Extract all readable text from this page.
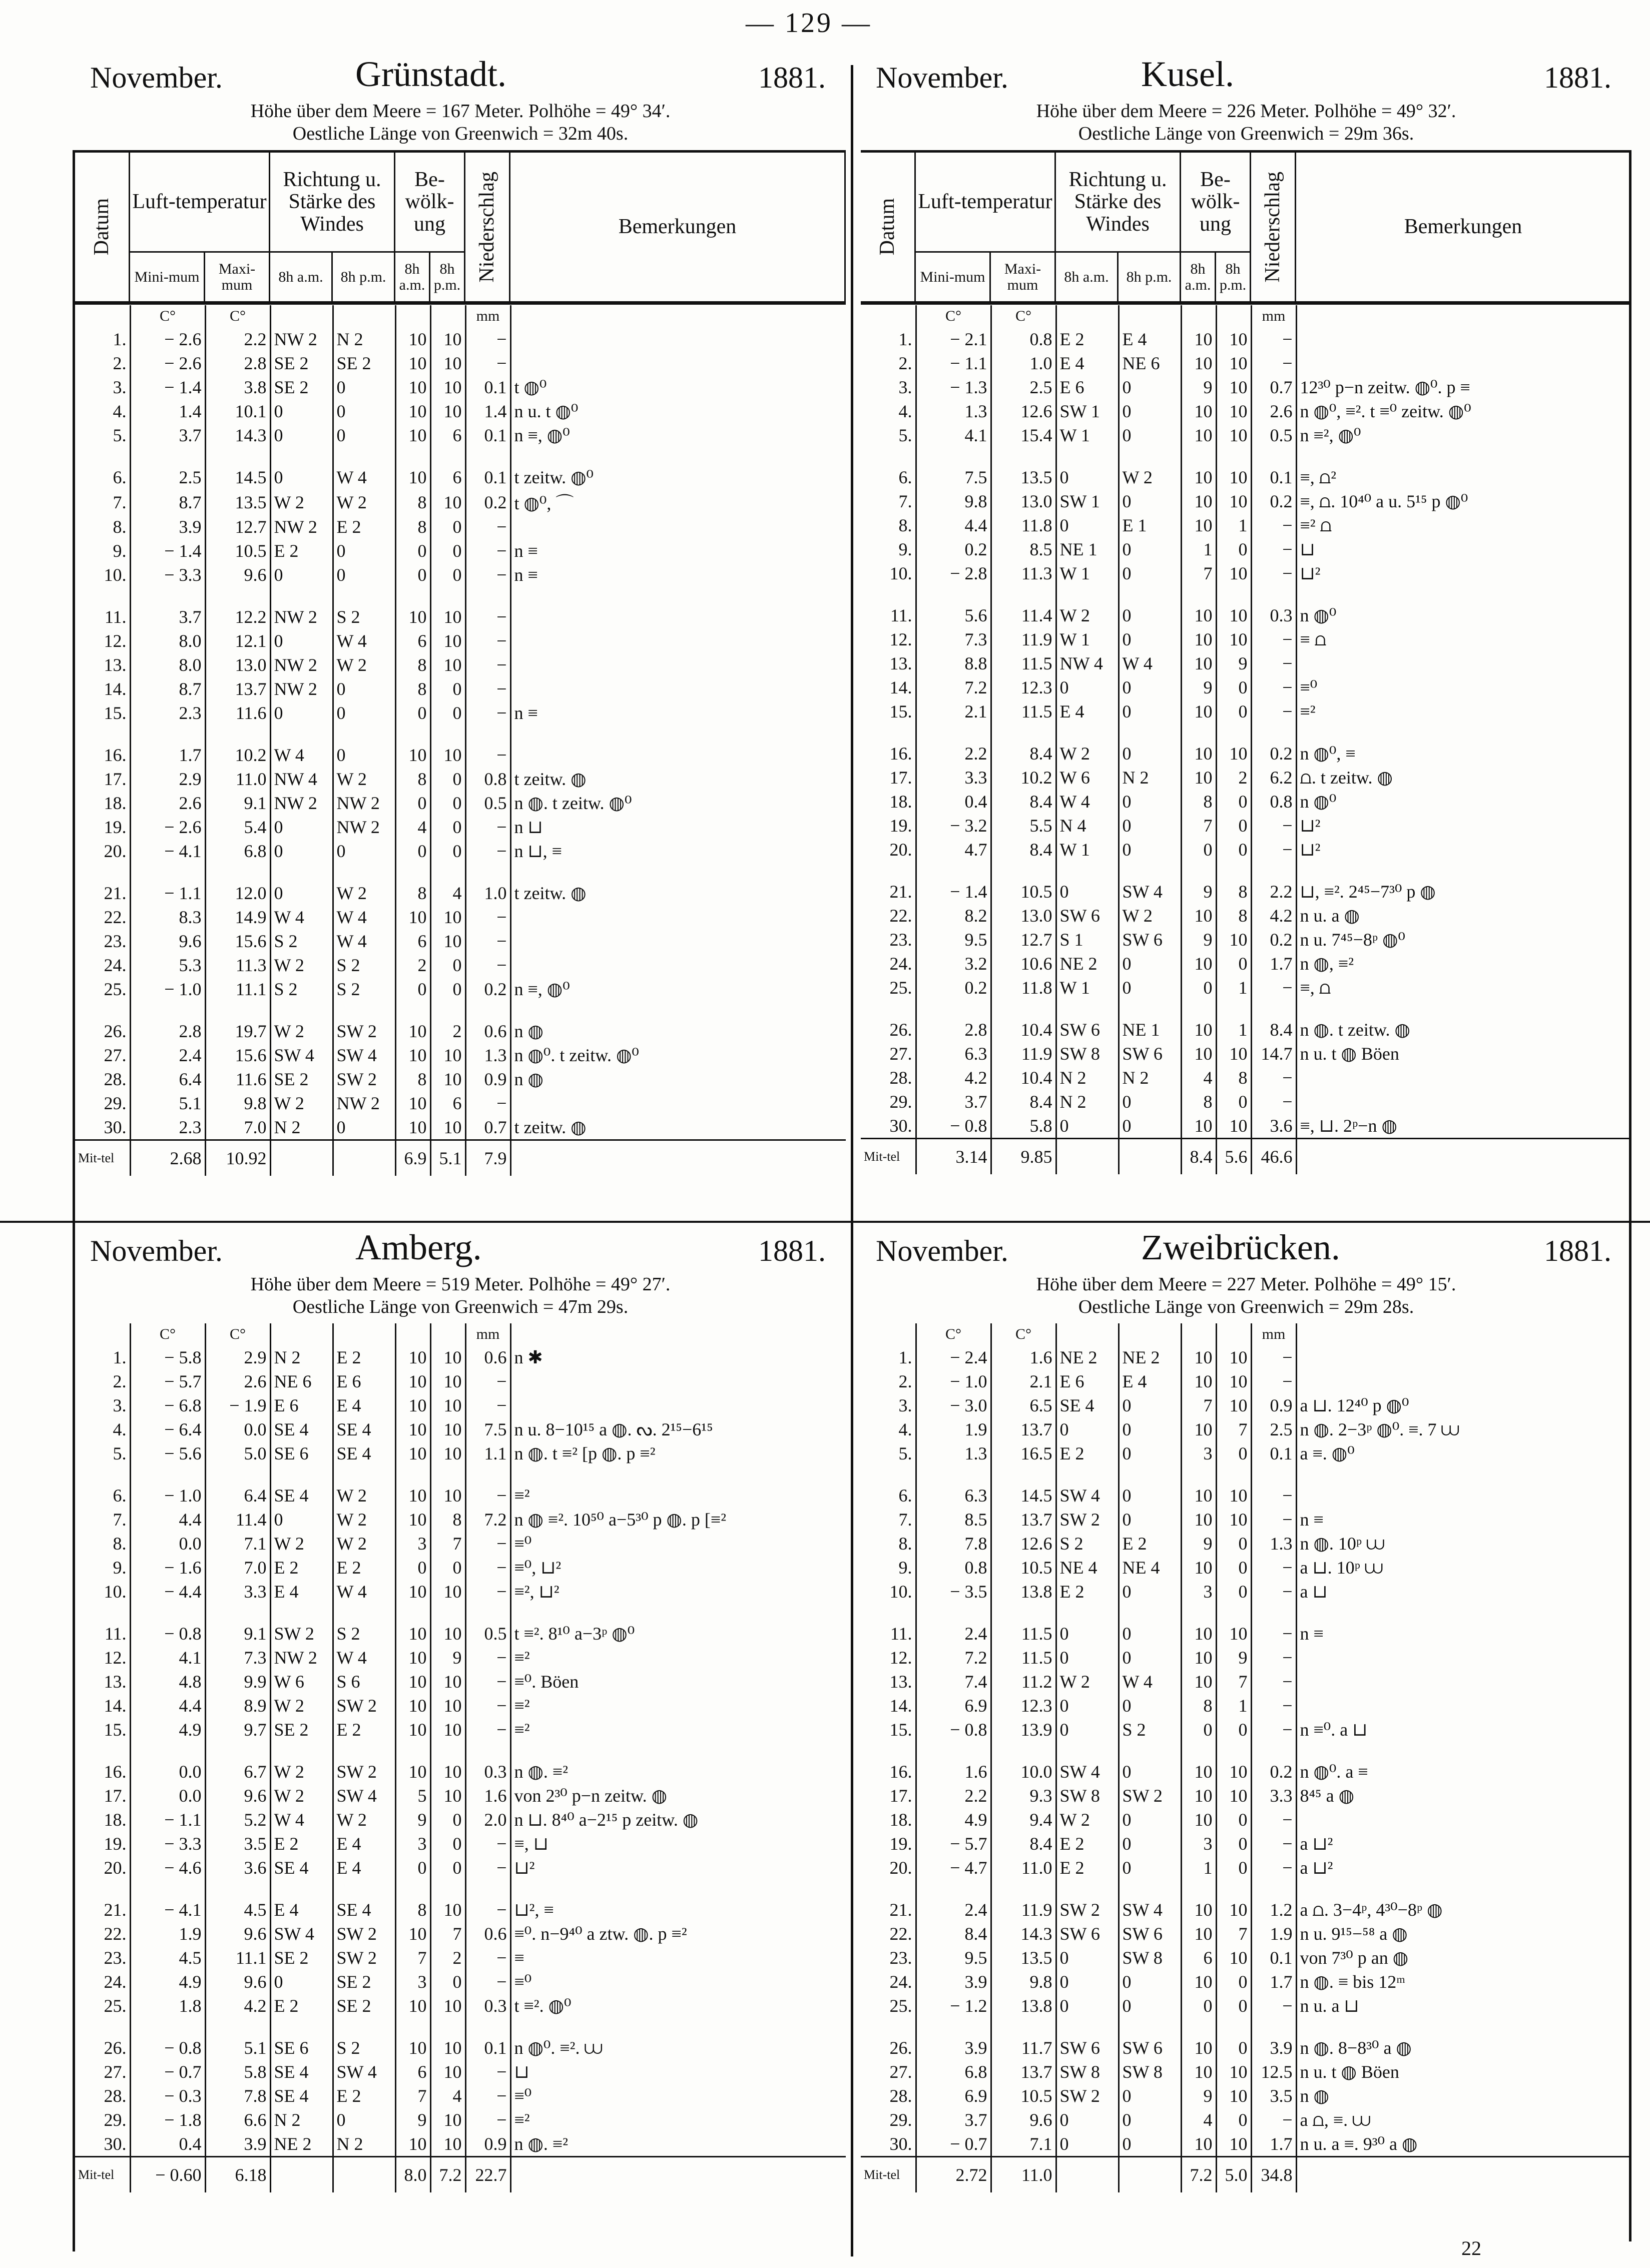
— 129 —
November.	Grünstadt.	1881.
Höhe über dem Meere = 167 Meter. Polhöhe = 49° 34′.
Oestliche Länge von Greenwich = 32m 40s.
Datum Luft-temperatur
Mini-mum	Maxi-mum
Richtung u. Stärke des Windes
8h a.m. 8h p.m.
Be-wölk-ung
8h a.m.
8h p.m.
Niederschlag	Bemerkungen
	C°	C°					mm	
1.	− 2.6	2.2	NW 2	N 2	10	10	−	
2.	− 2.6	2.8	SE 2	SE 2	10	10	−	
3.	− 1.4	3.8	SE 2	0	10	10	0.1	t ◍⁰
4.	1.4	10.1	0	0	10	10	1.4	n u. t ◍⁰
5.	3.7	14.3	0	0	10	6	0.1	n ≡, ◍⁰

6.	2.5	14.5	0	W 4	10	6	0.1	t zeitw. ◍⁰
7.	8.7	13.5	W 2	W 2	8	10	0.2	t ◍⁰, ⌒
8.	3.9	12.7	NW 2	E 2	8	0	−	
9.	− 1.4	10.5	E 2	0	0	0	−	n ≡
10.	− 3.3	9.6	0	0	0	0	−	n ≡

11.	3.7	12.2	NW 2	S 2	10	10	−	
12.	8.0	12.1	0	W 4	6	10	−	
13.	8.0	13.0	NW 2	W 2	8	10	−	
14.	8.7	13.7	NW 2	0	8	0	−	
15.	2.3	11.6	0	0	0	0	−	n ≡

16.	1.7	10.2	W 4	0	10	10	−	
17.	2.9	11.0	NW 4	W 2	8	0	0.8	t zeitw. ◍
18.	2.6	9.1	NW 2	NW 2	0	0	0.5	n ◍. t zeitw. ◍⁰
19.	− 2.6	5.4	0	NW 2	4	0	−	n ⊔
20.	− 4.1	6.8	0	0	0	0	−	n ⊔, ≡

21.	− 1.1	12.0	0	W 2	8	4	1.0	t zeitw. ◍
22.	8.3	14.9	W 4	W 4	10	10	−	
23.	9.6	15.6	S 2	W 4	6	10	−	
24.	5.3	11.3	W 2	S 2	2	0	−	
25.	− 1.0	11.1	S 2	S 2	0	0	0.2	n ≡, ◍⁰

26.	2.8	19.7	W 2	SW 2	10	2	0.6	n ◍
27.	2.4	15.6	SW 4	SW 4	10	10	1.3	n ◍⁰. t zeitw. ◍⁰
28.	6.4	11.6	SE 2	SW 2	8	10	0.9	n ◍
29.	5.1	9.8	W 2	NW 2	10	6	−	
30.	2.3	7.0	N 2	0	10	10	0.7	t zeitw. ◍
Mit-tel	2.68	10.92			6.9	5.1	7.9	
November.	Kusel.	1881.
Höhe über dem Meere = 226 Meter. Polhöhe = 49° 32′.
Oestliche Länge von Greenwich = 29m 36s.
Datum Luft-temperatur
Mini-mum	Maxi-mum
Richtung u. Stärke des Windes
8h a.m. 8h p.m.
Be-wölk-ung
8h a.m.
8h p.m.
Niederschlag	Bemerkungen
	C°	C°					mm	
1.	− 2.1	0.8	E 2	E 4	10	10	−	
2.	− 1.1	1.0	E 4	NE 6	10	10	−	
3.	− 1.3	2.5	E 6	0	9	10	0.7	12³⁰ p−n zeitw. ◍⁰. p ≡
4.	1.3	12.6	SW 1	0	10	10	2.6	n ◍⁰, ≡². t ≡⁰ zeitw. ◍⁰
5.	4.1	15.4	W 1	0	10	10	0.5	n ≡², ◍⁰

6.	7.5	13.5	0	W 2	10	10	0.1	≡, ⩍²
7.	9.8	13.0	SW 1	0	10	10	0.2	≡, ⩍. 10⁴⁰ a u. 5¹⁵ p ◍⁰
8.	4.4	11.8	0	E 1	10	1	−	≡² ⩍
9.	0.2	8.5	NE 1	0	1	0	−	⊔
10.	− 2.8	11.3	W 1	0	7	10	−	⊔²

11.	5.6	11.4	W 2	0	10	10	0.3	n ◍⁰
12.	7.3	11.9	W 1	0	10	10	−	≡ ⩍
13.	8.8	11.5	NW 4	W 4	10	9	−	
14.	7.2	12.3	0	0	9	0	−	≡⁰
15.	2.1	11.5	E 4	0	10	0	−	≡²

16.	2.2	8.4	W 2	0	10	10	0.2	n ◍⁰, ≡
17.	3.3	10.2	W 6	N 2	10	2	6.2	⩍. t zeitw. ◍
18.	0.4	8.4	W 4	0	8	0	0.8	n ◍⁰
19.	− 3.2	5.5	N 4	0	7	0	−	⊔²
20.	4.7	8.4	W 1	0	0	0	−	⊔²

21.	− 1.4	10.5	0	SW 4	9	8	2.2	⊔, ≡². 2⁴⁵−7³⁰ p ◍
22.	8.2	13.0	SW 6	W 2	10	8	4.2	n u. a ◍
23.	9.5	12.7	S 1	SW 6	9	10	0.2	n u. 7⁴⁵−8ᵖ ◍⁰
24.	3.2	10.6	NE 2	0	10	0	1.7	n ◍, ≡²
25.	0.2	11.8	W 1	0	0	1	−	≡, ⩍

26.	2.8	10.4	SW 6	NE 1	10	1	8.4	n ◍. t zeitw. ◍
27.	6.3	11.9	SW 8	SW 6	10	10	14.7	n u. t ◍ Böen
28.	4.2	10.4	N 2	N 2	4	8	−	
29.	3.7	8.4	N 2	0	8	0	−	
30.	− 0.8	5.8	0	0	10	10	3.6	≡, ⊔. 2ᵖ−n ◍
Mit-tel	3.14	9.85			8.4	5.6	46.6	
November.	Amberg.	1881.
Höhe über dem Meere = 519 Meter. Polhöhe = 49° 27′.
Oestliche Länge von Greenwich = 47m 29s.
	C°	C°					mm	
1.	− 5.8	2.9	N 2	E 2	10	10	0.6	n ✱
2.	− 5.7	2.6	NE 6	E 6	10	10	−	
3.	− 6.8	− 1.9	E 6	E 4	10	10	−	
4.	− 6.4	0.0	SE 4	SE 4	10	10	7.5	n u. 8−10¹⁵ a ◍. ᔓ. 2¹⁵−6¹⁵
5.	− 5.6	5.0	SE 6	SE 4	10	10	1.1	n ◍. t ≡² [p ◍. p ≡²

6.	− 1.0	6.4	SE 4	W 2	10	10	−	≡²
7.	4.4	11.4	0	W 2	10	8	7.2	n ◍ ≡². 10⁵⁰ a−5³⁰ p ◍. p [≡²
8.	0.0	7.1	W 2	W 2	3	7	−	≡⁰
9.	− 1.6	7.0	E 2	E 2	0	0	−	≡⁰, ⊔²
10.	− 4.4	3.3	E 4	W 4	10	10	−	≡², ⊔²

11.	− 0.8	9.1	SW 2	S 2	10	10	0.5	t ≡². 8¹⁰ a−3ᵖ ◍⁰
12.	4.1	7.3	NW 2	W 4	10	9	−	≡²
13.	4.8	9.9	W 6	S 6	10	10	−	≡⁰. Böen
14.	4.4	8.9	W 2	SW 2	10	10	−	≡²
15.	4.9	9.7	SE 2	E 2	10	10	−	≡²

16.	0.0	6.7	W 2	SW 2	10	10	0.3	n ◍. ≡²
17.	0.0	9.6	W 2	SW 4	5	10	1.6	von 2³⁰ p−n zeitw. ◍
18.	− 1.1	5.2	W 4	W 2	9	0	2.0	n ⊔. 8⁴⁰ a−2¹⁵ p zeitw. ◍
19.	− 3.3	3.5	E 2	E 4	3	0	−	≡, ⊔
20.	− 4.6	3.6	SE 4	E 4	0	0	−	⊔²

21.	− 4.1	4.5	E 4	SE 4	8	10	−	⊔², ≡
22.	1.9	9.6	SW 4	SW 2	10	7	0.6	≡⁰. n−9⁴⁰ a ztw. ◍. p ≡²
23.	4.5	11.1	SE 2	SW 2	7	2	−	≡
24.	4.9	9.6	0	SE 2	3	0	−	≡⁰
25.	1.8	4.2	E 2	SE 2	10	10	0.3	t ≡². ◍⁰

26.	− 0.8	5.1	SE 6	S 2	10	10	0.1	n ◍⁰. ≡². ⩊
27.	− 0.7	5.8	SE 4	SW 4	6	10	−	⊔
28.	− 0.3	7.8	SE 4	E 2	7	4	−	≡⁰
29.	− 1.8	6.6	N 2	0	9	10	−	≡²
30.	0.4	3.9	NE 2	N 2	10	10	0.9	n ◍. ≡²
Mit-tel	− 0.60	6.18			8.0	7.2	22.7	
November.	Zweibrücken.	1881.
Höhe über dem Meere = 227 Meter. Polhöhe = 49° 15′.
Oestliche Länge von Greenwich = 29m 28s.
	C°	C°					mm	
1.	− 2.4	1.6	NE 2	NE 2	10	10	−	
2.	− 1.0	2.1	E 6	E 4	10	10	−	
3.	− 3.0	6.5	SE 4	0	7	10	0.9	a ⊔. 12⁴⁰ p ◍⁰
4.	1.9	13.7	0	0	10	7	2.5	n ◍. 2−3ᵖ ◍⁰. ≡. 7 ⩊
5.	1.3	16.5	E 2	0	3	0	0.1	a ≡. ◍⁰

6.	6.3	14.5	SW 4	0	10	10	−	
7.	8.5	13.7	SW 2	0	10	10	−	n ≡
8.	7.8	12.6	S 2	E 2	9	0	1.3	n ◍. 10ᵖ ⩊
9.	0.8	10.5	NE 4	NE 4	10	0	−	a ⊔. 10ᵖ ⩊
10.	− 3.5	13.8	E 2	0	3	0	−	a ⊔

11.	2.4	11.5	0	0	10	10	−	n ≡
12.	7.2	11.5	0	0	10	9	−	
13.	7.4	11.2	W 2	W 4	10	7	−	
14.	6.9	12.3	0	0	8	1	−	
15.	− 0.8	13.9	0	S 2	0	0	−	n ≡⁰. a ⊔

16.	1.6	10.0	SW 4	0	10	10	0.2	n ◍⁰. a ≡
17.	2.2	9.3	SW 8	SW 2	10	10	3.3	8⁴⁵ a ◍
18.	4.9	9.4	W 2	0	10	0	−	
19.	− 5.7	8.4	E 2	0	3	0	−	a ⊔²
20.	− 4.7	11.0	E 2	0	1	0	−	a ⊔²

21.	2.4	11.9	SW 2	SW 4	10	10	1.2	a ⩍. 3−4ᵖ, 4³⁰−8ᵖ ◍
22.	8.4	14.3	SW 6	SW 6	10	7	1.9	n u. 9¹⁵−⁵⁸ a ◍
23.	9.5	13.5	0	SW 8	6	10	0.1	von 7³⁰ p an ◍
24.	3.9	9.8	0	0	10	0	1.7	n ◍. ≡ bis 12ᵐ
25.	− 1.2	13.8	0	0	0	0	−	n u. a ⊔

26.	3.9	11.7	SW 6	SW 6	10	0	3.9	n ◍. 8−8³⁰ a ◍
27.	6.8	13.7	SW 8	SW 8	10	10	12.5	n u. t ◍ Böen
28.	6.9	10.5	SW 2	0	9	10	3.5	n ◍
29.	3.7	9.6	0	0	4	0	−	a ⩍, ≡. ⩊
30.	− 0.7	7.1	0	0	10	10	1.7	n u. a ≡. 9³⁰ a ◍
Mit-tel	2.72	11.0			7.2	5.0	34.8	
22
